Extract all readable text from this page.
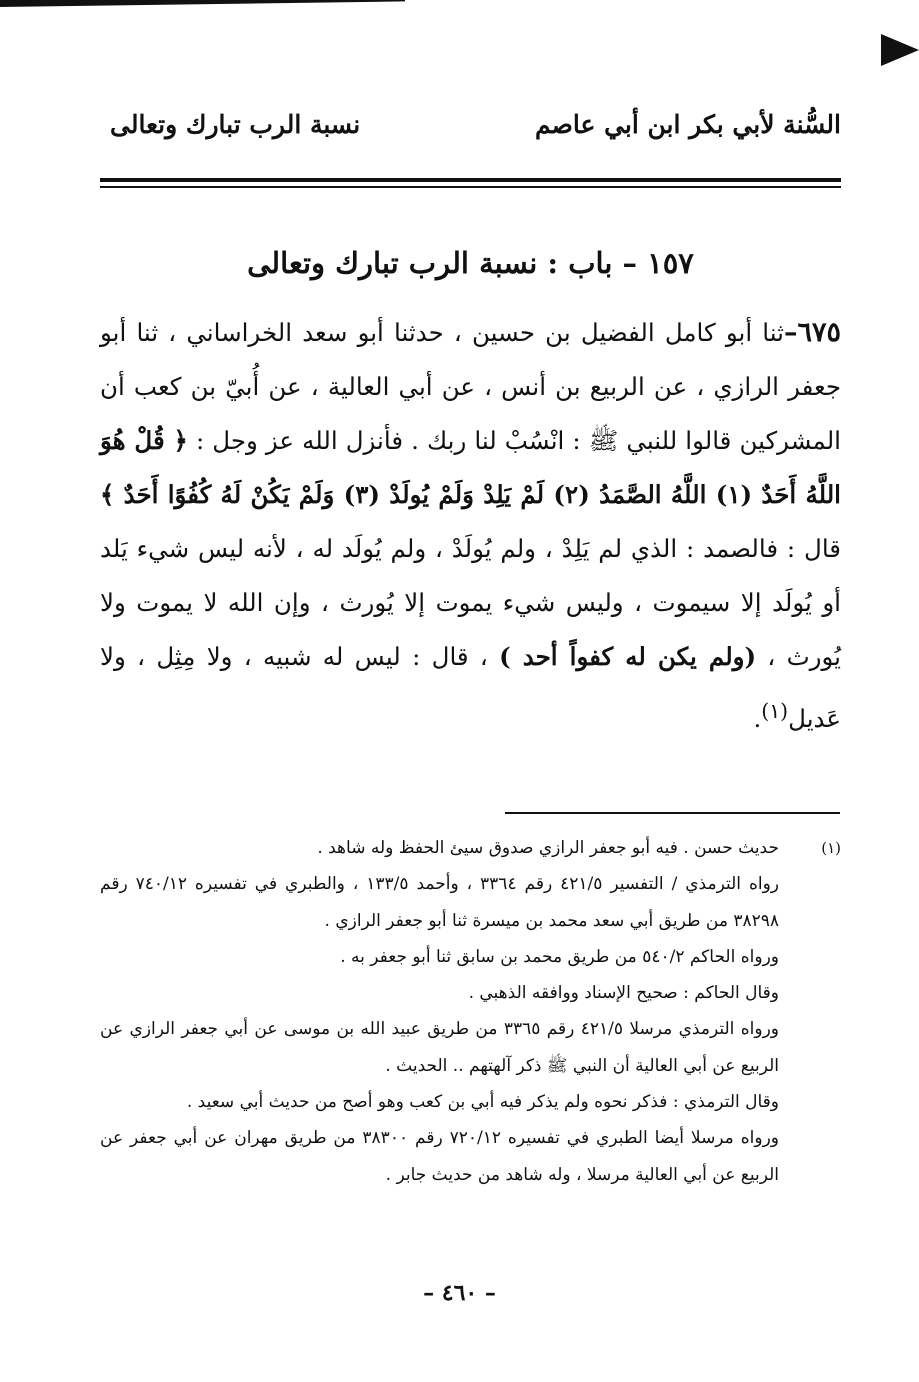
السُّنة لأبي بكر ابن أبي عاصم
نسبة الرب تبارك وتعالى
١٥٧ – باب : نسبة الرب تبارك وتعالى
٦٧٥–ثنا أبو كامل الفضيل بن حسين ، حدثنا أبو سعد الخراساني ، ثنا أبو جعفر الرازي ، عن الربيع بن أنس ، عن أبي العالية ، عن أُبيّ بن كعب أن المشركين قالوا للنبي ﷺ : انْسُبْ لنا ربك . فأنزل الله عز وجل : ﴿ قُلْ هُوَ اللَّهُ أَحَدٌ (١) اللَّهُ الصَّمَدُ (٢) لَمْ يَلِدْ وَلَمْ يُولَدْ (٣) وَلَمْ يَكُنْ لَهُ كُفُوًا أَحَدٌ ﴾ قال : فالصمد : الذي لم يَلِدْ ، ولم يُولَدْ ، ولم يُولَد له ، لأنه ليس شيء يَلد أو يُولَد إلا سيموت ، وليس شيء يموت إلا يُورث ، وإن الله لا يموت ولا يُورث ، (ولم يكن له كفواً أحد ) ، قال : ليس له شبيه ، ولا مِثِل ، ولا عَديل$^{(١)}$.
(١)
حديث حسن . فيه أبو جعفر الرازي صدوق سيئ الحفظ وله شاهد .
رواه الترمذي / التفسير ٤٢١/٥ رقم ٣٣٦٤ ، وأحمد ١٣٣/٥ ، والطبري في تفسيره ٧٤٠/١٢ رقم ٣٨٢٩٨ من طريق أبي سعد محمد بن ميسرة ثنا أبو جعفر الرازي .
ورواه الحاكم ٥٤٠/٢ من طريق محمد بن سابق ثنا أبو جعفر به .
وقال الحاكم : صحيح الإسناد ووافقه الذهبي .
ورواه الترمذي مرسلا ٤٢١/٥ رقم ٣٣٦٥ من طريق عبيد الله بن موسى عن أبي جعفر الرازي عن الربيع عن أبي العالية أن النبي ﷺ ذكر آلهتهم .. الحديث .
وقال الترمذي : فذكر نحوه ولم يذكر فيه أبي بن كعب وهو أصح من حديث أبي سعيد .
ورواه مرسلا أيضا الطبري في تفسيره ٧٢٠/١٢ رقم ٣٨٣٠٠ من طريق مهران عن أبي جعفر عن الربيع عن أبي العالية مرسلا ، وله شاهد من حديث جابر .
– ٤٦٠ –
